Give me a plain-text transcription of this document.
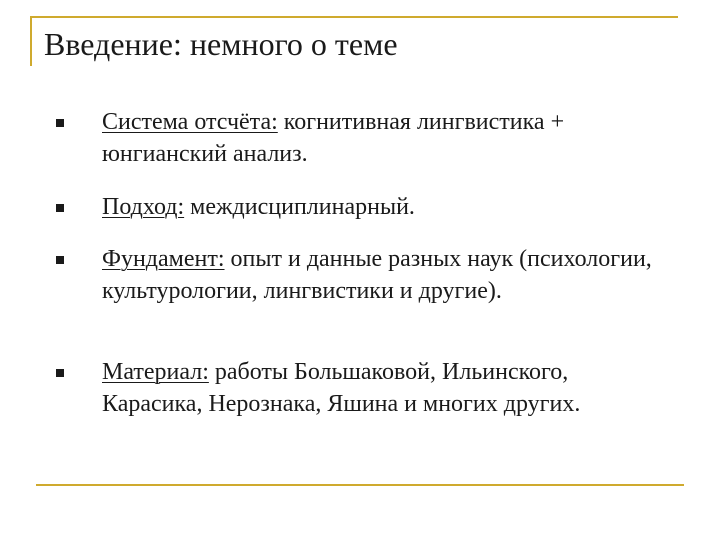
Введение: немного о теме
Система отсчёта: когнитивная лингвистика + юнгианский анализ.
Подход: междисциплинарный.
Фундамент: опыт и данные разных наук (психологии, культурологии, лингвистики и другие).
Материал: работы Большаковой, Ильинского, Карасика, Нерознака, Яшина и многих других.
